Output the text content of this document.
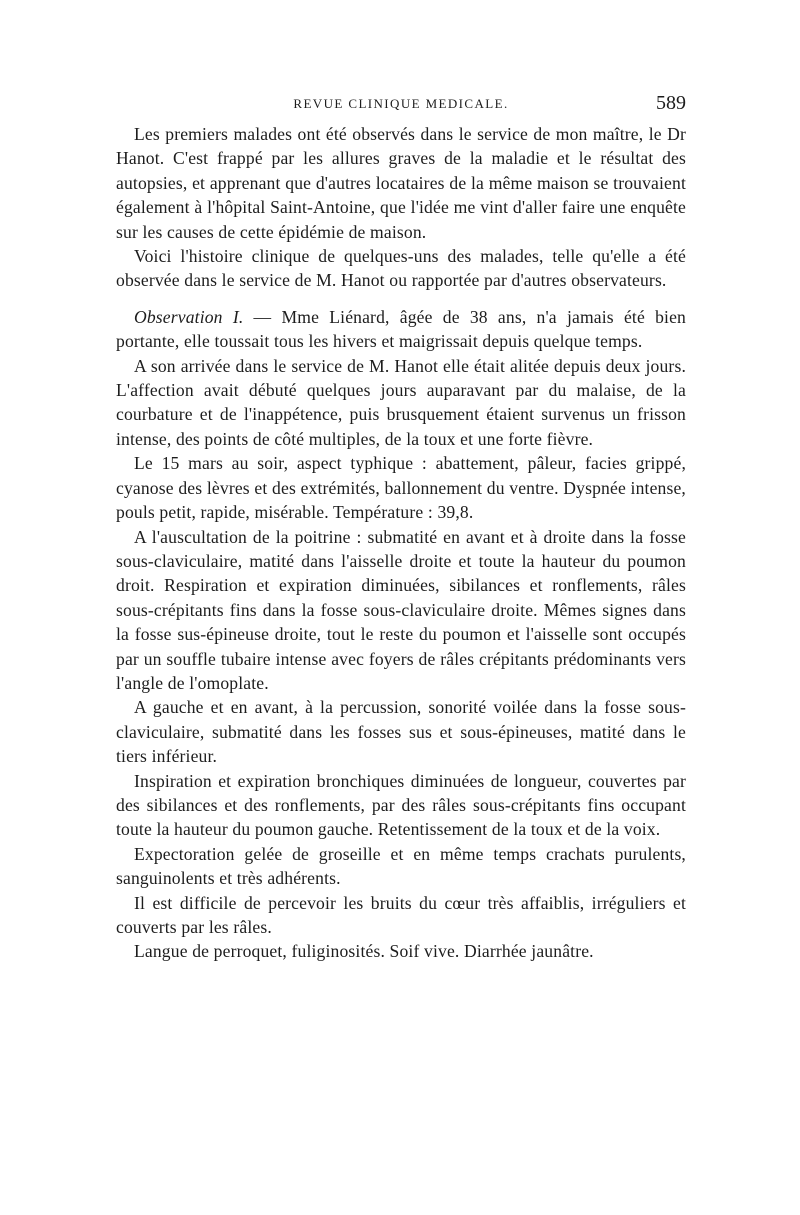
REVUE CLINIQUE MEDICALE.	589

Les premiers malades ont été observés dans le service de mon maître, le Dr Hanot. C'est frappé par les allures graves de la maladie et le résultat des autopsies, et apprenant que d'autres locataires de la même maison se trouvaient également à l'hôpital Saint-Antoine, que l'idée me vint d'aller faire une enquête sur les causes de cette épidémie de maison.

Voici l'histoire clinique de quelques-uns des malades, telle qu'elle a été observée dans le service de M. Hanot ou rapportée par d'autres observateurs.

Observation I. — Mme Liénard, âgée de 38 ans, n'a jamais été bien portante, elle toussait tous les hivers et maigrissait depuis quelque temps.

A son arrivée dans le service de M. Hanot elle était alitée depuis deux jours. L'affection avait débuté quelques jours auparavant par du malaise, de la courbature et de l'inappétence, puis brusquement étaient survenus un frisson intense, des points de côté multiples, de la toux et une forte fièvre.

Le 15 mars au soir, aspect typhique : abattement, pâleur, facies grippé, cyanose des lèvres et des extrémités, ballonnement du ventre. Dyspnée intense, pouls petit, rapide, misérable. Température : 39,8.

A l'auscultation de la poitrine : submatité en avant et à droite dans la fosse sous-claviculaire, matité dans l'aisselle droite et toute la hauteur du poumon droit. Respiration et expiration diminuées, sibilances et ronflements, râles sous-crépitants fins dans la fosse sous-claviculaire droite. Mêmes signes dans la fosse sus-épineuse droite, tout le reste du poumon et l'aisselle sont occupés par un souffle tubaire intense avec foyers de râles crépitants prédominants vers l'angle de l'omoplate.

A gauche et en avant, à la percussion, sonorité voilée dans la fosse sous-claviculaire, submatité dans les fosses sus et sous-épineuses, matité dans le tiers inférieur.

Inspiration et expiration bronchiques diminuées de longueur, couvertes par des sibilances et des ronflements, par des râles sous-crépitants fins occupant toute la hauteur du poumon gauche. Retentissement de la toux et de la voix.

Expectoration gelée de groseille et en même temps crachats purulents, sanguinolents et très adhérents.

Il est difficile de percevoir les bruits du cœur très affaiblis, irréguliers et couverts par les râles.

Langue de perroquet, fuliginosités. Soif vive. Diarrhée jaunâtre.
